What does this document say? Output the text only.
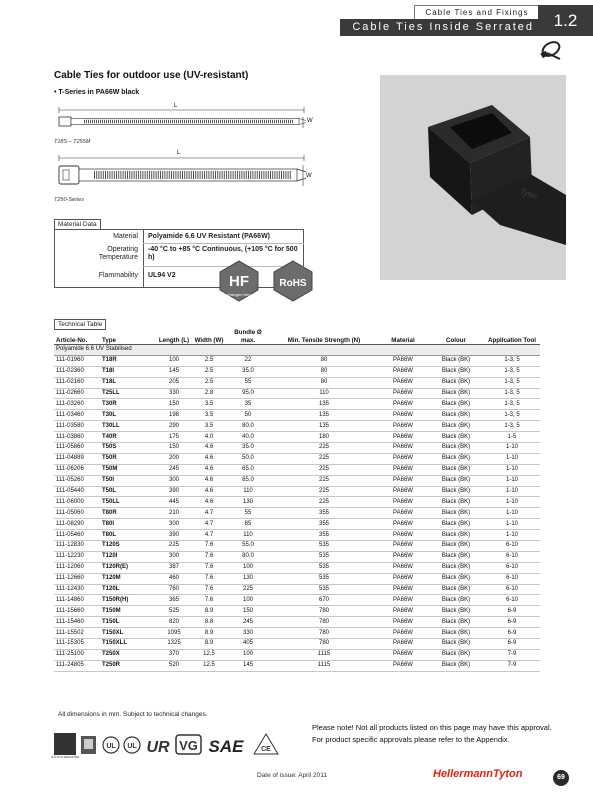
Cable Ties and Fixings
Cable Ties Inside Serrated	1.2
Cable Ties for outdoor use (UV-resistant)
• T-Series in PA66W black
L
W
T18S – T255M
L
W
T250-Series	Tyton
Material Data
Material Polyamide 6.6 UV Resistant (PA66W)
Operating Temperature
-40 °C to +85 °C Continuous, (+105 °C for 500 h)
Flammability UL94 V2	HF
Halogen free
RoHS
Technical Table
Article-No.	Type	Length (L)	Width (W)	Bundle Ø max.	Min. Tensile Strength (N)	Material	Colour	Application Tool
Polyamide 6.6 UV Stabilised								
111-01960	T18R	100	2.5	22	80	PA66W	Black (BK)	1-3, 5
111-02360	T18I	145	2.5	35.0	80	PA66W	Black (BK)	1-3, 5
111-02160	T18L	205	2.5	55	80	PA66W	Black (BK)	1-3, 5
111-02660	T25LL	330	2.8	95.0	110	PA66W	Black (BK)	1-3, 5
111-03260	T30R	150	3.5	35	135	PA66W	Black (BK)	1-3, 5
111-03460	T30L	198	3.5	50	135	PA66W	Black (BK)	1-3, 5
111-03580	T30LL	290	3.5	80.0	135	PA66W	Black (BK)	1-3, 5
111-03860	T40R	175	4.0	40.0	180	PA66W	Black (BK)	1-5
111-05860	T50S	150	4.6	35.0	225	PA66W	Black (BK)	1-10
111-04889	T50R	200	4.6	50.0	225	PA66W	Black (BK)	1-10
111-06206	T50M	245	4.6	65.0	225	PA66W	Black (BK)	1-10
111-05260	T50I	300	4.6	85.0	225	PA66W	Black (BK)	1-10
111-05440	T50L	390	4.6	110	225	PA66W	Black (BK)	1-10
111-06000	T50LL	445	4.6	130	225	PA66W	Black (BK)	1-10
111-05060	T80R	210	4.7	55	355	PA66W	Black (BK)	1-10
111-08290	T80I	300	4.7	85	355	PA66W	Black (BK)	1-10
111-05460	T80L	390	4.7	110	355	PA66W	Black (BK)	1-10
111-12830	T120S	225	7.6	55.0	535	PA66W	Black (BK)	6-10
111-12230	T120I	300	7.6	80.0	535	PA66W	Black (BK)	6-10
111-12060	T120R(E)	387	7.6	100	535	PA66W	Black (BK)	6-10
111-12660	T120M	460	7.6	130	535	PA66W	Black (BK)	6-10
111-12430	T120L	760	7.6	225	535	PA66W	Black (BK)	6-10
111-14860	T150R(H)	365	7.6	100	670	PA66W	Black (BK)	6-10
111-15660	T150M	525	8.9	150	780	PA66W	Black (BK)	6-9
111-15460	T150L	820	8.8	245	780	PA66W	Black (BK)	6-9
111-15502	T150XL	1095	8.9	330	780	PA66W	Black (BK)	6-9
111-15305	T150XLL	1325	8.9	405	780	PA66W	Black (BK)	6-9
111-25100	T250X	370	12.5	100	1115	PA66W	Black (BK)	7-9
111-24805	T250R	520	12.5	145	1115	PA66W	Black (BK)	7-9
All dimensions in mm. Subject to technical changes.
Please note! Not all products listed on this page may have this approval. For product specific approvals please refer to the Appendix.
LLOYD'S REGISTER
UL UL UR VG SAE	CE
Date of issue: April 2011	HellermannTyton	69
